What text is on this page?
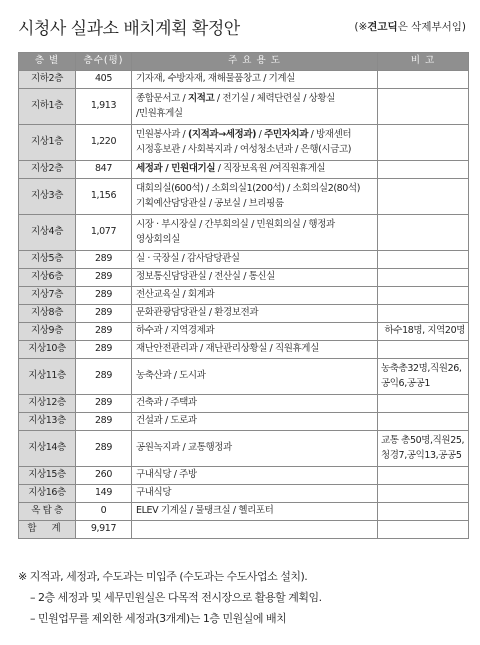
시청사 실과소 배치계획 확정안	(※견고딕은 삭제부서임)
층 별	층수(평)	주 요 용 도	비 고
지하2층	405	기자재, 수방자재, 재해물품창고 / 기계실	

지하1층	1,913	종합문서고 / 지적고 / 전기실 / 체력단련실 / 상황실
/민원휴게실	

지상1층	1,220	민원봉사과 / (지적과→세정과) / 주민자치과 / 방재센터
시정홍보관 / 사회복지과 / 여성청소년과 / 은행(시금고)	

지상2층	847	세정과 / 민원대기실 / 직장보육원 /여직원휴게실	

지상3층	1,156	대회의실(600석) / 소회의실1(200석) / 소회의실2(80석)
기획예산담당관실 / 공보실 / 브리핑룸	

지상4층	1,077	시장 · 부시장실 / 간부회의실 / 민원회의실 / 행정과
영상회의실	

지상5층	289	실 · 국장실 / 감사담당관실	

지상6층	289	정보통신담당관실 / 전산실 / 통신실	

지상7층	289	전산교육실 / 회계과	

지상8층	289	문화관광담당관실 / 환경보전과	

지상9층	289	하수과 / 지역경제과	하수18명, 지역20명
지상10층	289	재난안전관리과 / 재난관리상황실 / 직원휴게실	

지상11층	289	농축산과 / 도시과	농축총32명,직원26,
공익6,공공1
지상12층	289	건축과 / 주택과	

지상13층	289	건설과 / 도로과	

지상14층	289	공원녹지과 / 교통행정과	교통 총50명,직원25,
청경7,공익13,공공5
지상15층	260	구내식당 / 주방	

지상16층	149	구내식당	

옥 탑 층	0	ELEV 기계실 / 물탱크실 / 헬리포터	

합 계	9,917		
※ 지적과, 세정과, 수도과는 미입주 (수도과는 수도사업소 설치).
– 2층 세정과 및 세무민원실은 다목적 전시장으로 활용할 계획임.
– 민원업무를 제외한 세정과(3개계)는 1층 민원실에 배치
